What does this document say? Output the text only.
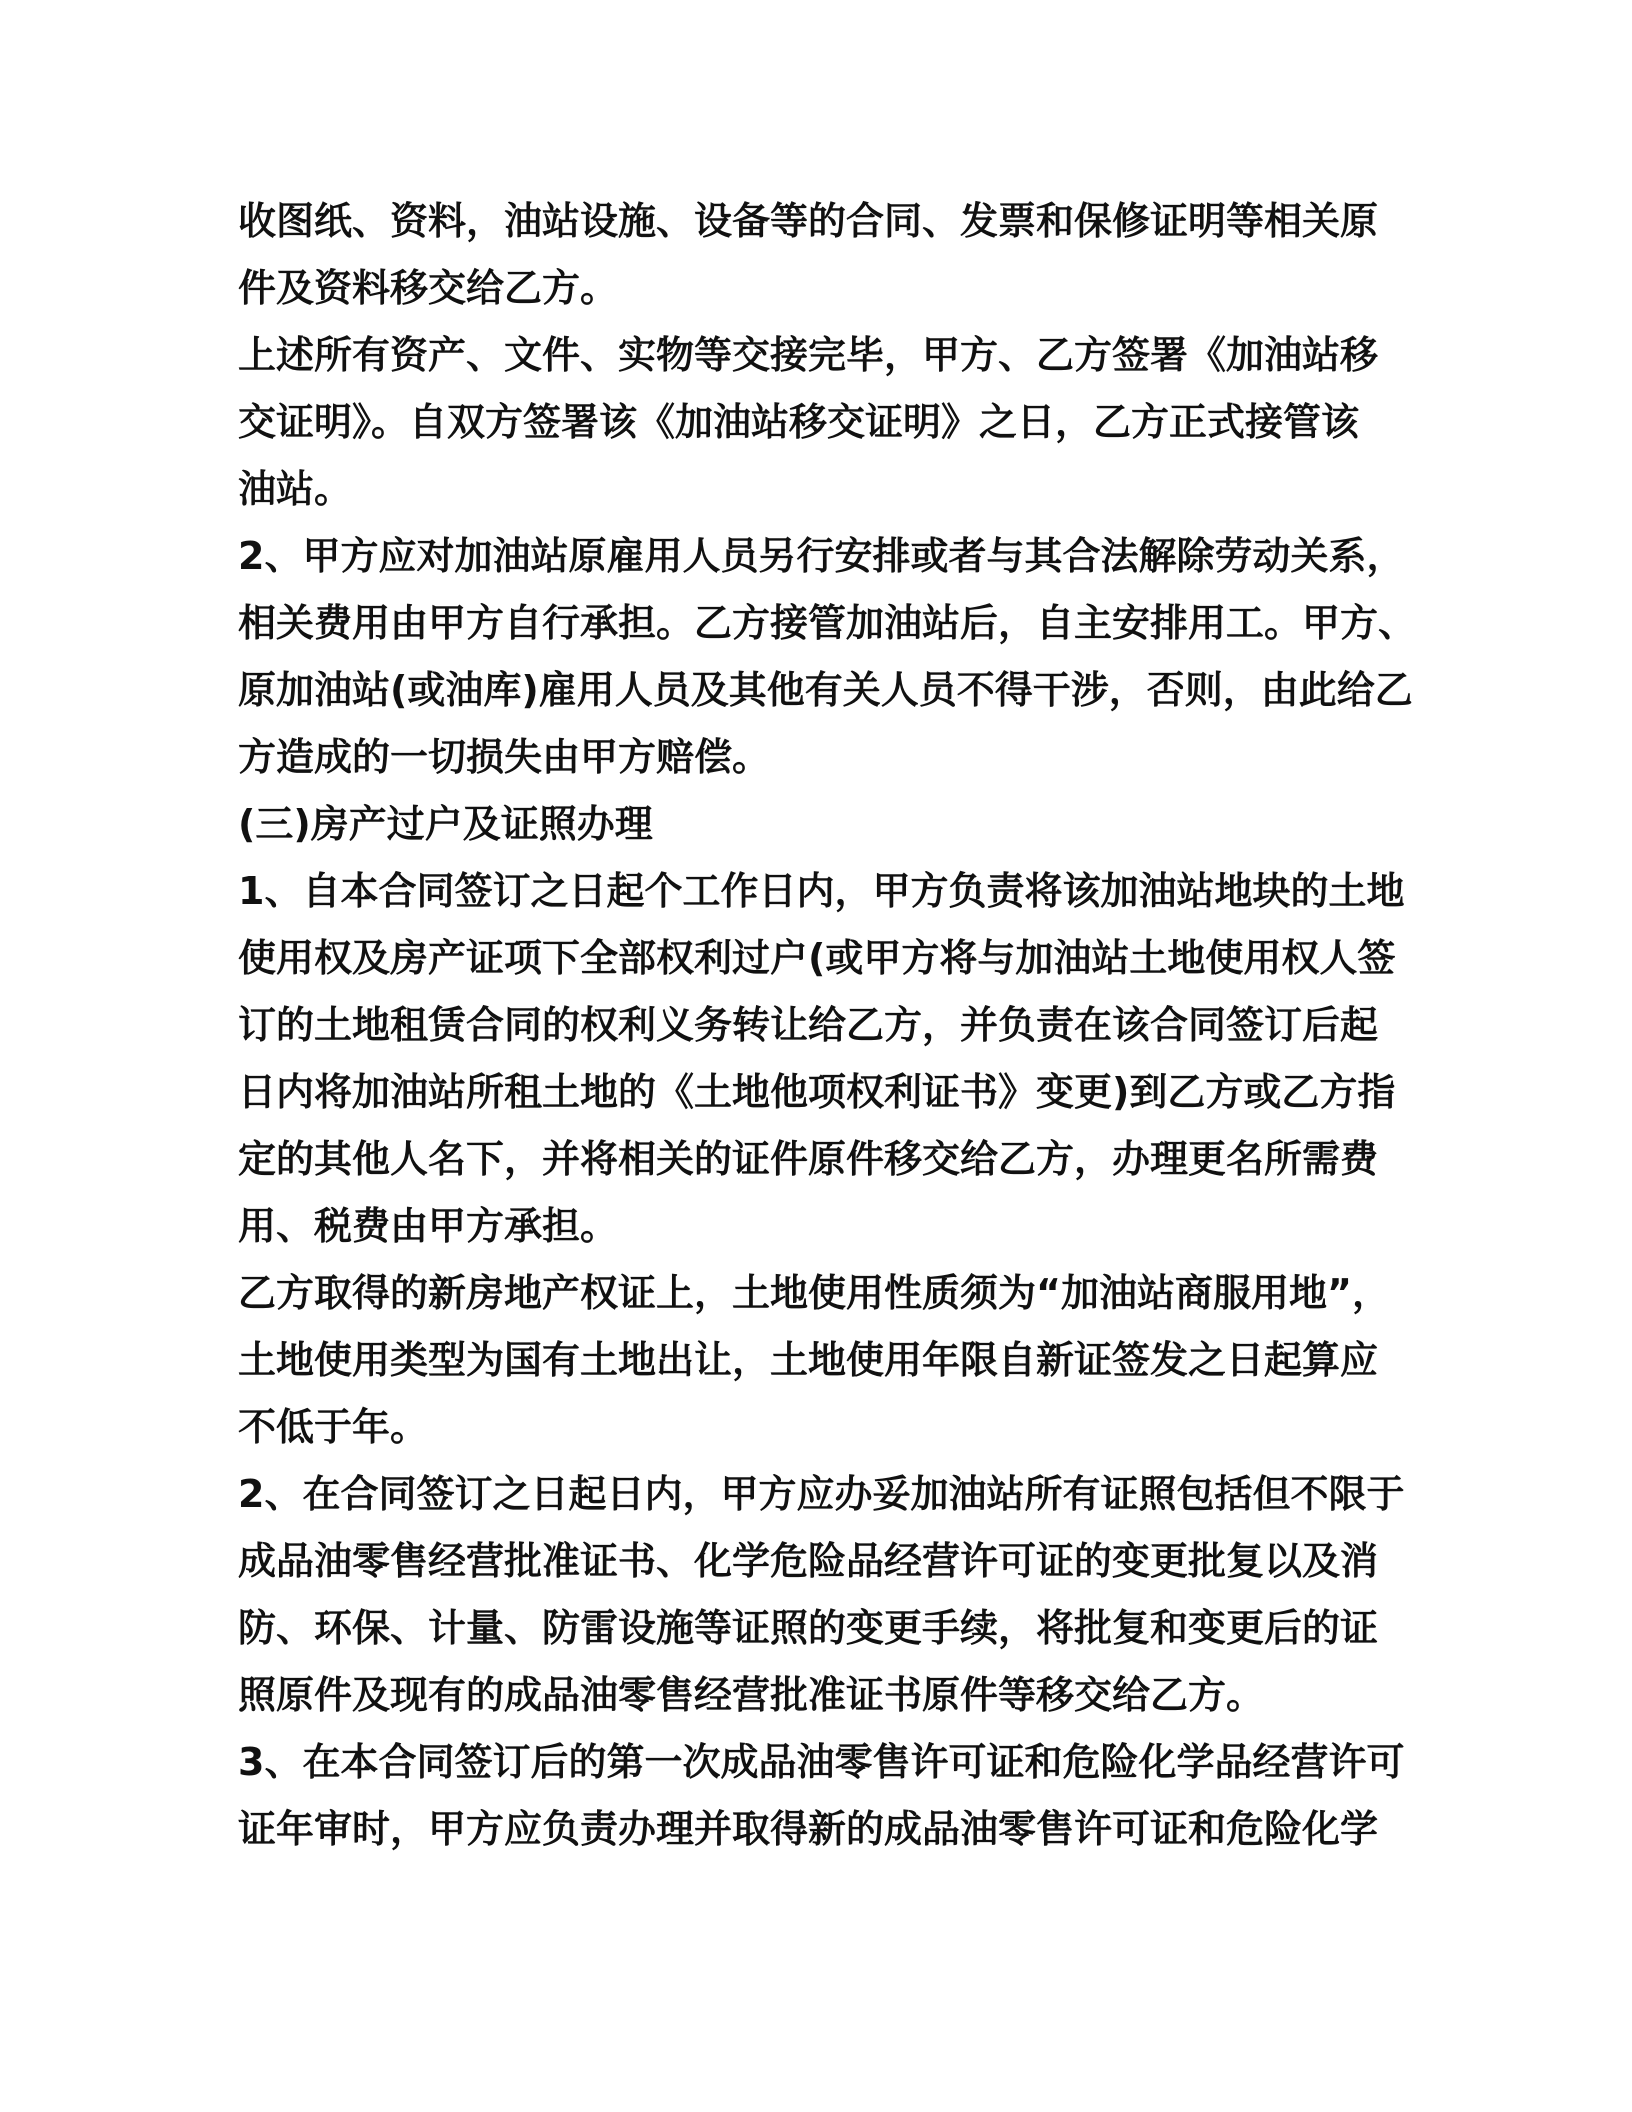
收图纸、资料，油站设施、设备等的合同、发票和保修证明等相关原
件及资料移交给乙方。

上述所有资产、文件、实物等交接完毕，甲方、乙方签署《加油站移
交证明》。自双方签署该《加油站移交证明》之日，乙方正式接管该
油站。

2、甲方应对加油站原雇用人员另行安排或者与其合法解除劳动关系，
相关费用由甲方自行承担。乙方接管加油站后，自主安排用工。甲方、
原加油站(或油库)雇用人员及其他有关人员不得干涉，否则，由此给乙
方造成的一切损失由甲方赔偿。

(三)房产过户及证照办理

1、自本合同签订之日起个工作日内，甲方负责将该加油站地块的土地
使用权及房产证项下全部权利过户(或甲方将与加油站土地使用权人签
订的土地租赁合同的权利义务转让给乙方，并负责在该合同签订后起
日内将加油站所租土地的《土地他项权利证书》变更)到乙方或乙方指
定的其他人名下，并将相关的证件原件移交给乙方，办理更名所需费
用、税费由甲方承担。

乙方取得的新房地产权证上，土地使用性质须为“加油站商服用地”，
土地使用类型为国有土地出让，土地使用年限自新证签发之日起算应
不低于年。

2、在合同签订之日起日内，甲方应办妥加油站所有证照包括但不限于
成品油零售经营批准证书、化学危险品经营许可证的变更批复以及消
防、环保、计量、防雷设施等证照的变更手续，将批复和变更后的证
照原件及现有的成品油零售经营批准证书原件等移交给乙方。

3、在本合同签订后的第一次成品油零售许可证和危险化学品经营许可
证年审时，甲方应负责办理并取得新的成品油零售许可证和危险化学
